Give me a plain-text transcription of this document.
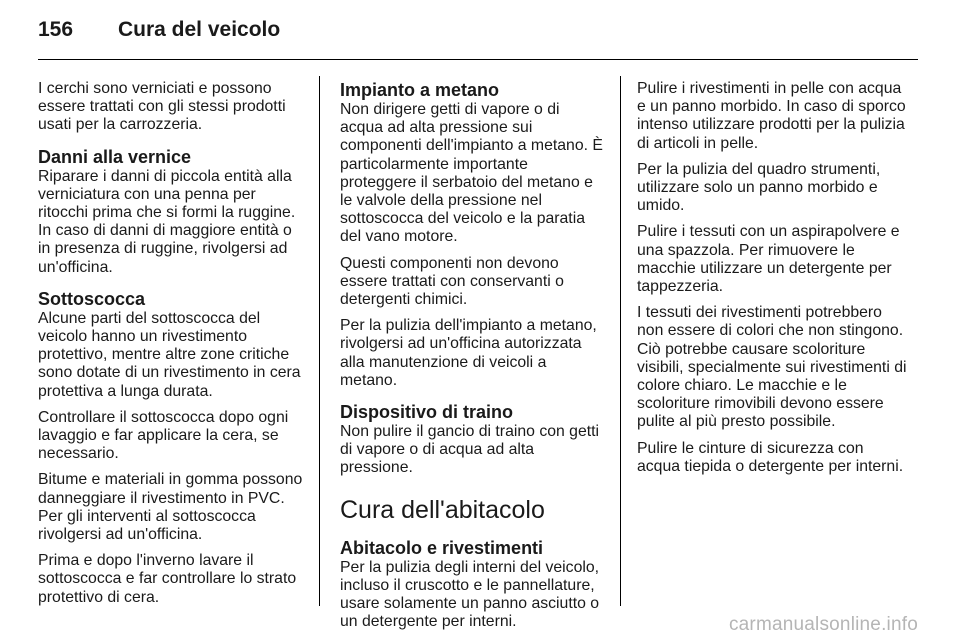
156	Cura del veicolo

I cerchi sono verniciati e possono essere trattati con gli stessi prodotti usati per la carrozzeria.

Danni alla vernice

Riparare i danni di piccola entità alla verniciatura con una penna per ritocchi prima che si formi la ruggine. In caso di danni di maggiore entità o in presenza di ruggine, rivolgersi ad un'officina.

Sottoscocca

Alcune parti del sottoscocca del veicolo hanno un rivestimento protettivo, mentre altre zone critiche sono dotate di un rivestimento in cera protettiva a lunga durata.

Controllare il sottoscocca dopo ogni lavaggio e far applicare la cera, se necessario.

Bitume e materiali in gomma possono danneggiare il rivestimento in PVC. Per gli interventi al sottoscocca rivolgersi ad un'officina.

Prima e dopo l'inverno lavare il sottoscocca e far controllare lo strato protettivo di cera.

Impianto a metano

Non dirigere getti di vapore o di acqua ad alta pressione sui componenti dell'impianto a metano. È particolarmente importante proteggere il serbatoio del metano e le valvole della pressione nel sottoscocca del veicolo e la paratia del vano motore.

Questi componenti non devono essere trattati con conservanti o detergenti chimici.

Per la pulizia dell'impianto a metano, rivolgersi ad un'officina autorizzata alla manutenzione di veicoli a metano.

Dispositivo di traino

Non pulire il gancio di traino con getti di vapore o di acqua ad alta pressione.

Cura dell'abitacolo
Abitacolo e rivestimenti

Per la pulizia degli interni del veicolo, incluso il cruscotto e le pannellature, usare solamente un panno asciutto o un detergente per interni.

Pulire i rivestimenti in pelle con acqua e un panno morbido. In caso di sporco intenso utilizzare prodotti per la pulizia di articoli in pelle.

Per la pulizia del quadro strumenti, utilizzare solo un panno morbido e umido.

Pulire i tessuti con un aspirapolvere e una spazzola. Per rimuovere le macchie utilizzare un detergente per tappezzeria.

I tessuti dei rivestimenti potrebbero non essere di colori che non stingono. Ciò potrebbe causare scoloriture visibili, specialmente sui rivestimenti di colore chiaro. Le macchie e le scoloriture rimovibili devono essere pulite al più presto possibile.

Pulire le cinture di sicurezza con acqua tiepida o detergente per interni.

carmanualsonline.info
